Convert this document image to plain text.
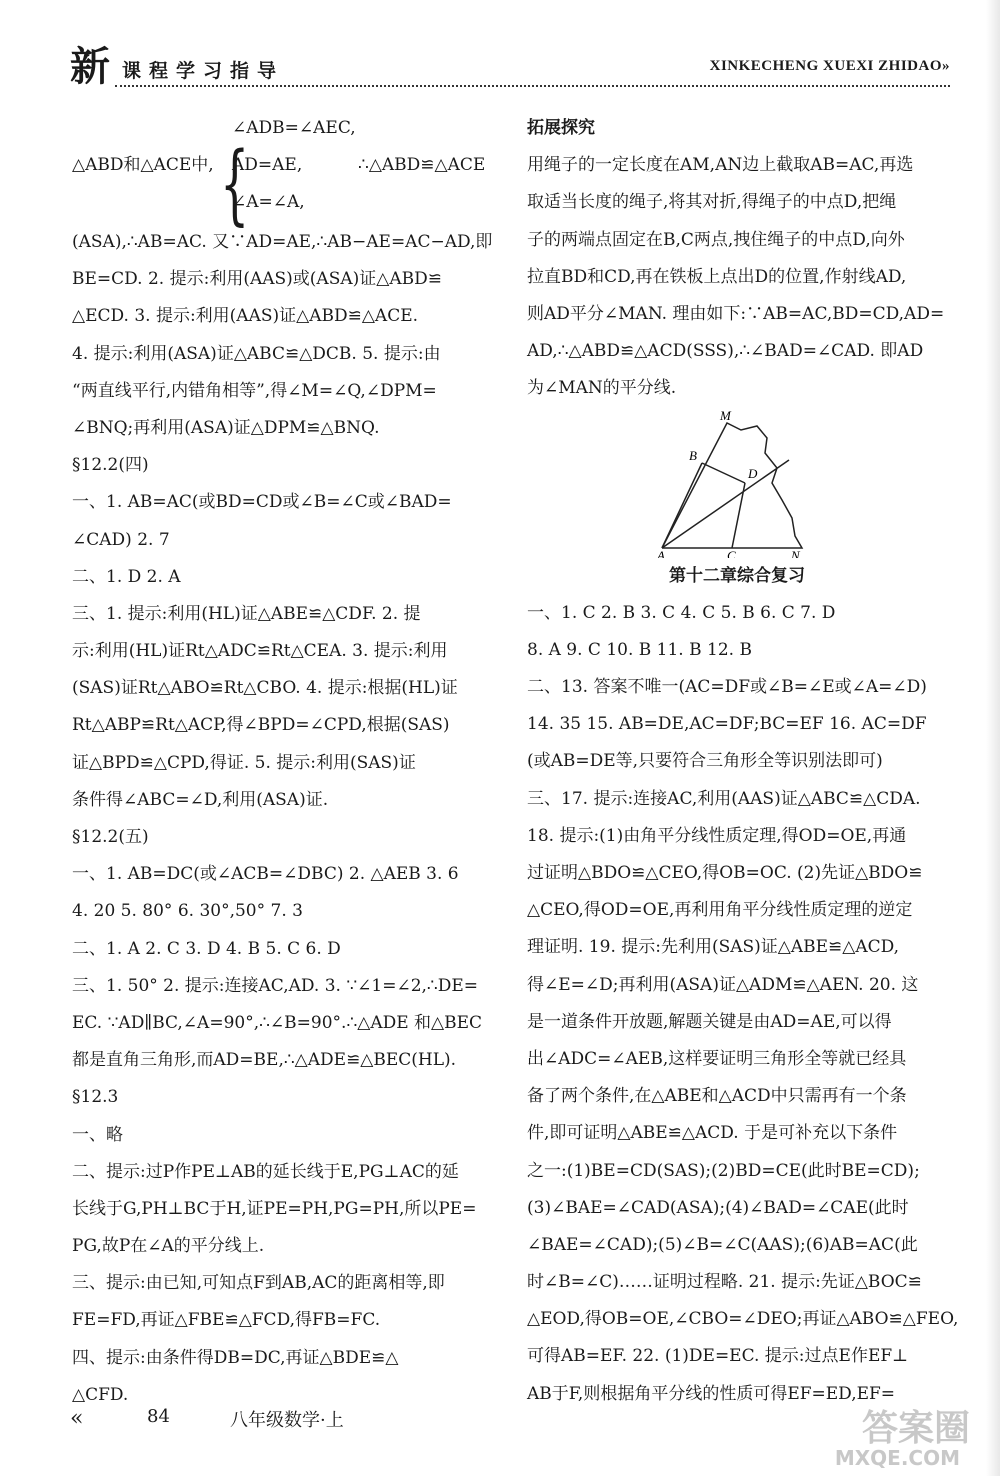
新 课程学习指导	XINKECHENG XUEXI ZHIDAO»
∠ADB=∠AEC,
△ABD和△ACE中, {
AD=AE,	∴△ABD≌△ACE
∠A=∠A,
(ASA),∴AB=AC. 又∵AD=AE,∴AB−AE=AC−AD,即
BE=CD. 2. 提示:利用(AAS)或(ASA)证△ABD≌
△ECD. 3. 提示:利用(AAS)证△ABD≌△ACE.
4. 提示:利用(ASA)证△ABC≌△DCB. 5. 提示:由
“两直线平行,内错角相等”,得∠M=∠Q,∠DPM=
∠BNQ;再利用(ASA)证△DPM≌△BNQ.
§12.2(四)
一、1. AB=AC(或BD=CD或∠B=∠C或∠BAD=
∠CAD) 2. 7
二、1. D 2. A
三、1. 提示:利用(HL)证△ABE≌△CDF. 2. 提
示:利用(HL)证Rt△ADC≌Rt△CEA. 3. 提示:利用
(SAS)证Rt△ABO≌Rt△CBO. 4. 提示:根据(HL)证
Rt△ABP≌Rt△ACP,得∠BPD=∠CPD,根据(SAS)
证△BPD≌△CPD,得证. 5. 提示:利用(SAS)证
条件得∠ABC=∠D,利用(ASA)证.
§12.2(五)
一、1. AB=DC(或∠ACB=∠DBC) 2. △AEB 3. 6
4. 20 5. 80° 6. 30°,50° 7. 3
二、1. A 2. C 3. D 4. B 5. C 6. D
三、1. 50° 2. 提示:连接AC,AD. 3. ∵∠1=∠2,∴DE=
EC. ∵AD∥BC,∠A=90°,∴∠B=90°.∴△ADE 和△BEC
都是直角三角形,而AD=BE,∴△ADE≌△BEC(HL).
§12.3
一、略
二、提示:过P作PE⊥AB的延长线于E,PG⊥AC的延
长线于G,PH⊥BC于H,证PE=PH,PG=PH,所以PE=
PG,故P在∠A的平分线上.
三、提示:由已知,可知点F到AB,AC的距离相等,即
FE=FD,再证△FBE≌△FCD,得FB=FC.
四、提示:由条件得DB=DC,再证△BDE≌△
△CFD.
拓展探究
用绳子的一定长度在AM,AN边上截取AB=AC,再选
取适当长度的绳子,将其对折,得绳子的中点D,把绳
子的两端点固定在B,C两点,拽住绳子的中点D,向外
拉直BD和CD,再在铁板上点出D的位置,作射线AD,
则AD平分∠MAN. 理由如下:∵AB=AC,BD=CD,AD=
AD,∴△ABD≌△ACD(SSS),∴∠BAD=∠CAD. 即AD
为∠MAN的平分线.
M
B
D
A	C	N
第十二章综合复习
一、1. C 2. B 3. C 4. C 5. B 6. C 7. D
8. A 9. C 10. B 11. B 12. B
二、13. 答案不唯一(AC=DF或∠B=∠E或∠A=∠D)
14. 35 15. AB=DE,AC=DF;BC=EF 16. AC=DF
(或AB=DE等,只要符合三角形全等识别法即可)
三、17. 提示:连接AC,利用(AAS)证△ABC≌△CDA.
18. 提示:(1)由角平分线性质定理,得OD=OE,再通
过证明△BDO≌△CEO,得OB=OC. (2)先证△BDO≌
△CEO,得OD=OE,再利用角平分线性质定理的逆定
理证明. 19. 提示:先利用(SAS)证△ABE≌△ACD,
得∠E=∠D;再利用(ASA)证△ADM≌△AEN. 20. 这
是一道条件开放题,解题关键是由AD=AE,可以得
出∠ADC=∠AEB,这样要证明三角形全等就已经具
备了两个条件,在△ABE和△ACD中只需再有一个条
件,即可证明△ABE≌△ACD. 于是可补充以下条件
之一:(1)BE=CD(SAS);(2)BD=CE(此时BE=CD);
(3)∠BAE=∠CAD(ASA);(4)∠BAD=∠CAE(此时
∠BAE=∠CAD);(5)∠B=∠C(AAS);(6)AB=AC(此
时∠B=∠C)……证明过程略. 21. 提示:先证△BOC≌
△EOD,得OB=OE,∠CBO=∠DEO;再证△ABO≌△FEO,
可得AB=EF. 22. (1)DE=EC. 提示:过点E作EF⊥
AB于F,则根据角平分线的性质可得EF=ED,EF=
«	84	八年级数学·上	答案圈
MXQE.COM
